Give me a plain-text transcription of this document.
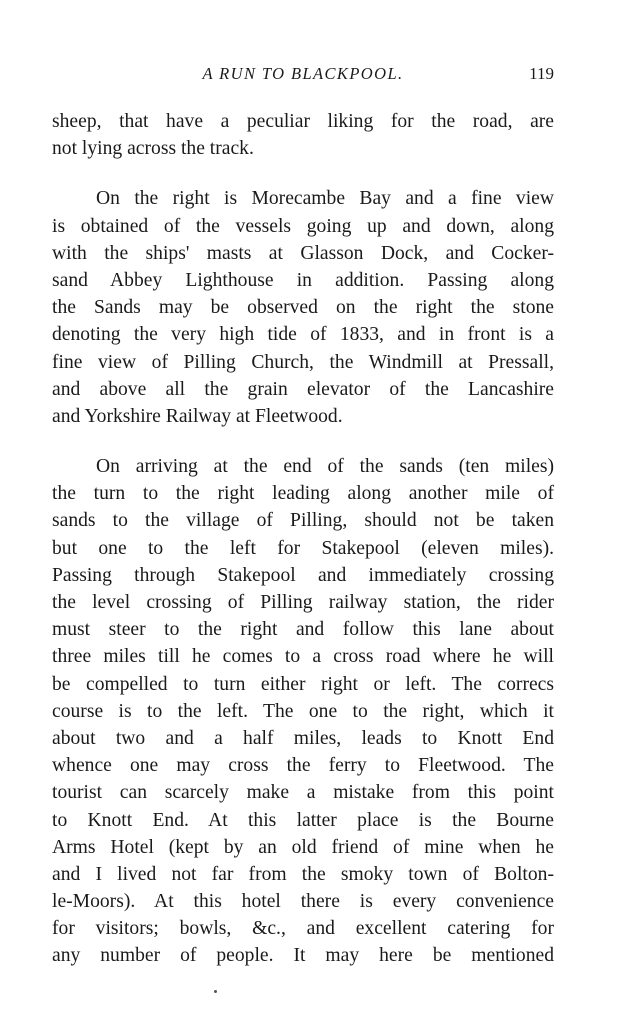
A RUN TO BLACKPOOL.	119
sheep, that have a peculiar liking for the road, are
not lying across the track.
On the right is Morecambe Bay and a fine view
is obtained of the vessels going up and down, along
with the ships' masts at Glasson Dock, and Cocker-
sand Abbey Lighthouse in addition. Passing along
the Sands may be observed on the right the stone
denoting the very high tide of 1833, and in front is a
fine view of Pilling Church, the Windmill at Pressall,
and above all the grain elevator of the Lancashire
and Yorkshire Railway at Fleetwood.
On arriving at the end of the sands (ten miles)
the turn to the right leading along another mile of
sands to the village of Pilling, should not be taken
but one to the left for Stakepool (eleven miles).
Passing through Stakepool and immediately crossing
the level crossing of Pilling railway station, the rider
must steer to the right and follow this lane about
three miles till he comes to a cross road where he will
be compelled to turn either right or left. The correcs
course is to the left. The one to the right, which it
about two and a half miles, leads to Knott End
whence one may cross the ferry to Fleetwood. The
tourist can scarcely make a mistake from this point
to Knott End. At this latter place is the Bourne
Arms Hotel (kept by an old friend of mine when he
and I lived not far from the smoky town of Bolton-
le-Moors). At this hotel there is every convenience
for visitors; bowls, &c., and excellent catering for
any number of people. It may here be mentioned
